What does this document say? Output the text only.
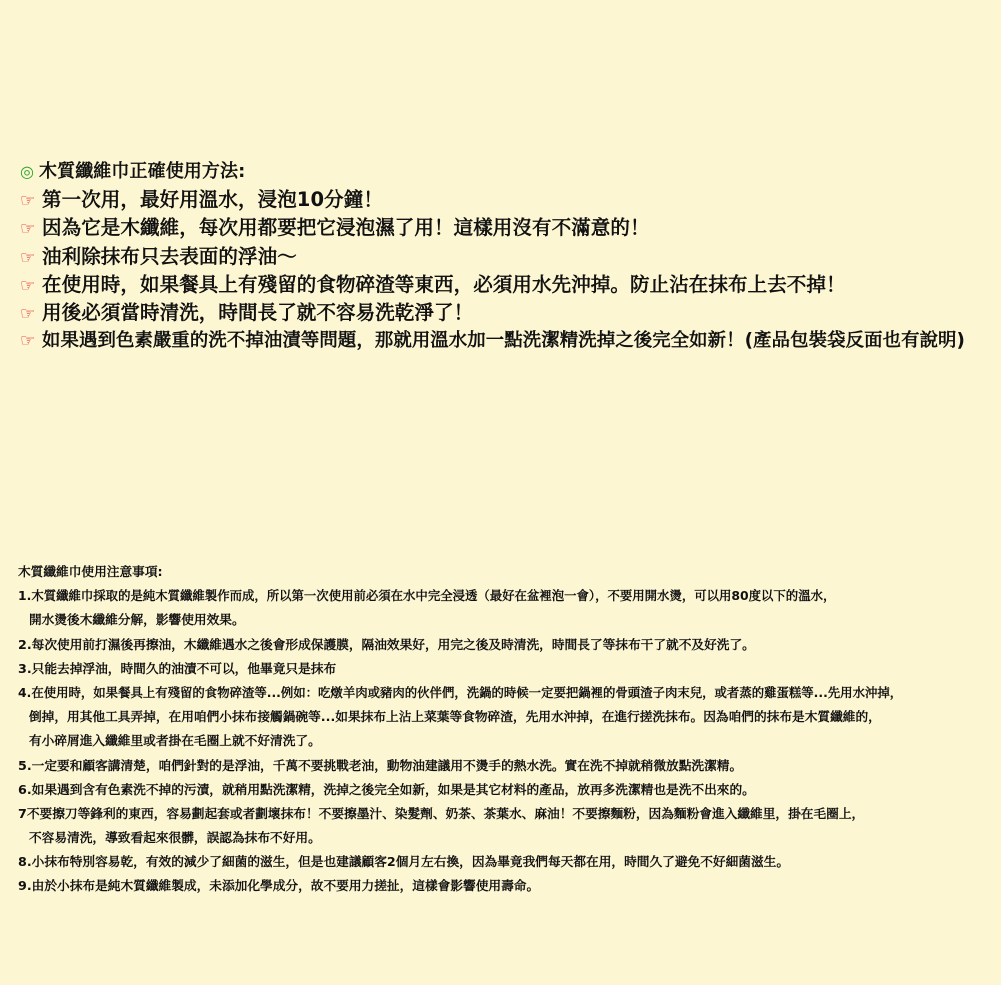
◎ 木質纖維巾正確使用方法:
☞ 第一次用，最好用溫水，浸泡10分鐘！
☞ 因為它是木纖維，每次用都要把它浸泡濕了用！這樣用沒有不滿意的！
☞ 油利除抹布只去表面的浮油～
☞ 在使用時，如果餐具上有殘留的食物碎渣等東西，必須用水先沖掉。防止沾在抹布上去不掉！
☞ 用後必須當時清洗，時間長了就不容易洗乾淨了！
☞ 如果遇到色素嚴重的洗不掉油漬等問題，那就用溫水加一點洗潔精洗掉之後完全如新！(產品包裝袋反面也有說明)
木質纖維巾使用注意事項:
1.木質纖維巾採取的是純木質纖維製作而成，所以第一次使用前必須在水中完全浸透（最好在盆裡泡一會），不要用開水燙，可以用80度以下的溫水，
開水燙後木纖維分解，影響使用效果。
2.每次使用前打濕後再擦油，木纖維遇水之後會形成保護膜，隔油效果好，用完之後及時清洗，時間長了等抹布干了就不及好洗了。
3.只能去掉浮油，時間久的油漬不可以，他畢竟只是抹布
4.在使用時，如果餐具上有殘留的食物碎渣等...例如：吃燉羊肉或豬肉的伙伴們，洗鍋的時候一定要把鍋裡的骨頭渣子肉末兒，或者蒸的雞蛋糕等...先用水沖掉，
倒掉，用其他工具弄掉，在用咱們小抹布接觸鍋碗等...如果抹布上沾上菜葉等食物碎渣，先用水沖掉，在進行搓洗抹布。因為咱們的抹布是木質纖維的，
有小碎屑進入纖維里或者掛在毛圈上就不好清洗了。
5.一定要和顧客講清楚，咱們針對的是浮油，千萬不要挑戰老油，動物油建議用不燙手的熱水洗。實在洗不掉就稍微放點洗潔精。
6.如果遇到含有色素洗不掉的污漬，就稍用點洗潔精，洗掉之後完全如新，如果是其它材料的產品，放再多洗潔精也是洗不出來的。
7不要擦刀等鋒利的東西，容易劃起套或者劃壞抹布！不要擦墨汁、染髮劑、奶茶、茶葉水、麻油！不要擦麵粉，因為麵粉會進入纖維里，掛在毛圈上，
不容易清洗，導致看起來很髒，誤認為抹布不好用。
8.小抹布特別容易乾，有效的減少了細菌的滋生，但是也建議顧客2個月左右換，因為畢竟我們每天都在用，時間久了避免不好細菌滋生。
9.由於小抹布是純木質纖維製成，未添加化學成分，故不要用力搓扯，這樣會影響使用壽命。
